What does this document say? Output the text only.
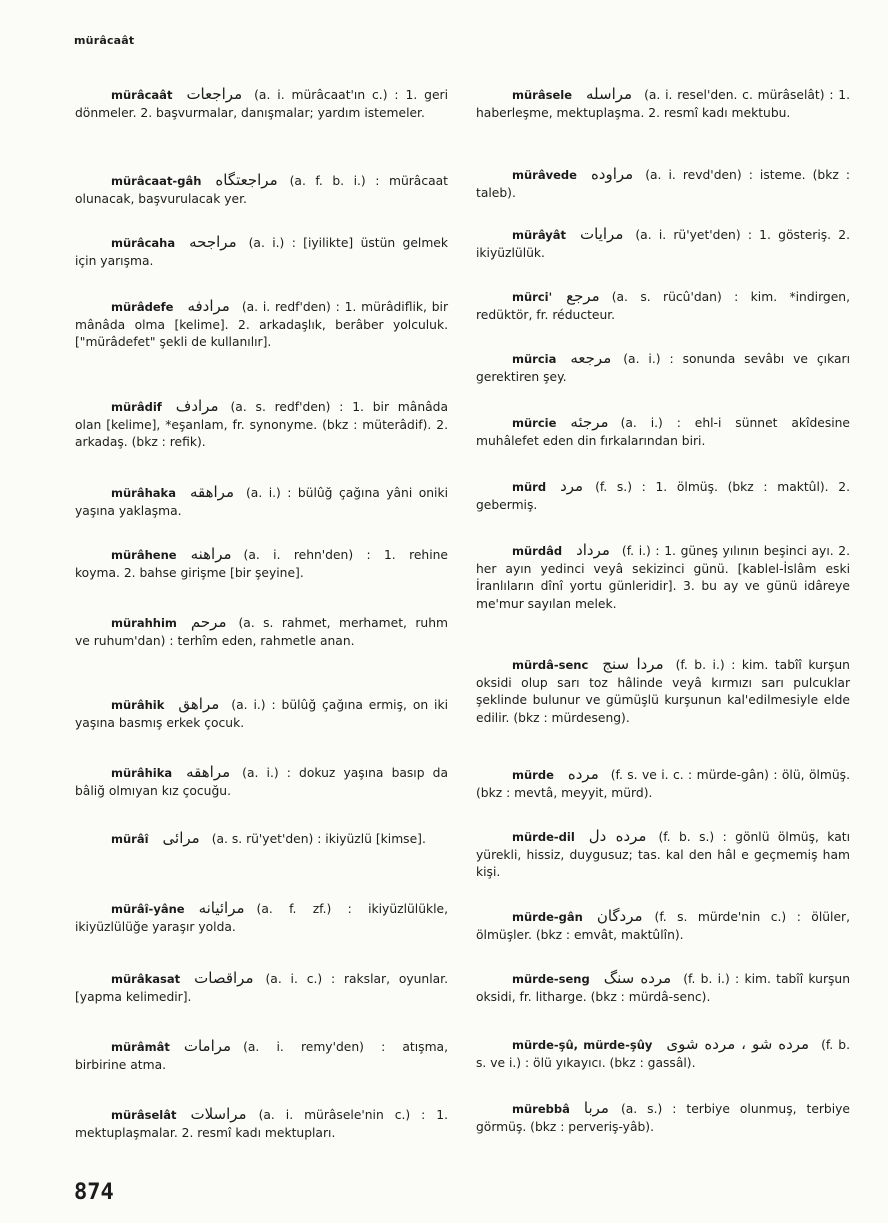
mürâcaât
mürâcaât مراجعات (a. i. mürâcaat'ın c.) : 1. geri dönmeler. 2. başvurmalar, danışmalar; yardım istemeler.
mürâcaat-gâh مراجعتگاه (a. f. b. i.) : mürâcaat olunacak, başvurulacak yer.
mürâcaha مراجحه (a. i.) : [iyilikte] üstün gelmek için yarışma.
mürâdefe مرادفه (a. i. redf'den) : 1. mürâdiflik, bir mânâda olma [kelime]. 2. arkadaşlık, berâber yolculuk. ["mürâdefet" şekli de kullanılır].
mürâdif مرادف (a. s. redf'den) : 1. bir mânâda olan [kelime], *eşanlam, fr. synonyme. (bkz : müterâdif). 2. arkadaş. (bkz : refik).
mürâhaka مراهقه (a. i.) : bülûğ çağına yâni oniki yaşına yaklaşma.
mürâhene مراهنه (a. i. rehn'den) : 1. rehine koyma. 2. bahse girişme [bir şeyine].
mürahhim مرحم (a. s. rahmet, merhamet, ruhm ve ruhum'dan) : terhîm eden, rahmetle anan.
mürâhik مراهق (a. i.) : bülûğ çağına ermiş, on iki yaşına basmış erkek çocuk.
mürâhika مراهقه (a. i.) : dokuz yaşına basıp da bâliğ olmıyan kız çocuğu.
mürâî مرائی (a. s. rü'yet'den) : ikiyüzlü [kimse].
mürâî-yâne مرائیانه (a. f. zf.) : ikiyüzlülükle, ikiyüzlülüğe yaraşır yolda.
mürâkasat مراقصات (a. i. c.) : rakslar, oyunlar. [yapma kelimedir].
mürâmât مرامات (a. i. remy'den) : atışma, birbirine atma.
mürâselât مراسلات (a. i. mürâsele'nin c.) : 1. mektuplaşmalar. 2. resmî kadı mektupları.
mürâsele مراسله (a. i. resel'den. c. mürâselât) : 1. haberleşme, mektuplaşma. 2. resmî kadı mektubu.
mürâvede مراوده (a. i. revd'den) : isteme. (bkz : taleb).
mürâyât مرایات (a. i. rü'yet'den) : 1. gösteriş. 2. ikiyüzlülük.
mürci' مرجع (a. s. rücû'dan) : kim. *indirgen, redüktör, fr. réducteur.
mürcia مرجعه (a. i.) : sonunda sevâbı ve çıkarı gerektiren şey.
mürcie مرجئه (a. i.) : ehl-i sünnet akîdesine muhâlefet eden din fırkalarından biri.
mürd مرد (f. s.) : 1. ölmüş. (bkz : maktûl). 2. gebermiş.
mürdâd مرداد (f. i.) : 1. güneş yılının beşinci ayı. 2. her ayın yedinci veyâ sekizinci günü. [kablel-İslâm eski İranlıların dînî yortu günleridir]. 3. bu ay ve günü idâreye me'mur sayılan melek.
mürdâ-senc مردا سنج (f. b. i.) : kim. tabîî kurşun oksidi olup sarı toz hâlinde veyâ kırmızı sarı pulcuklar şeklinde bulunur ve gümüşlü kurşunun kal'edilmesiyle elde edilir. (bkz : mürdeseng).
mürde مرده (f. s. ve i. c. : mürde-gân) : ölü, ölmüş. (bkz : mevtâ, meyyit, mürd).
mürde-dil مرده دل (f. b. s.) : gönlü ölmüş, katı yürekli, hissiz, duygusuz; tas. kal den hâl e geçmemiş ham kişi.
mürde-gân مردگان (f. s. mürde'nin c.) : ölüler, ölmüşler. (bkz : emvât, maktûlîn).
mürde-seng مرده سنگ (f. b. i.) : kim. tabîî kurşun oksidi, fr. litharge. (bkz : mürdâ-senc).
mürde-şû, mürde-şûy مرده شو ، مرده شوی (f. b. s. ve i.) : ölü yıkayıcı. (bkz : gassâl).
mürebbâ مربا (a. s.) : terbiye olunmuş, terbiye görmüş. (bkz : perveriş-yâb).
874
